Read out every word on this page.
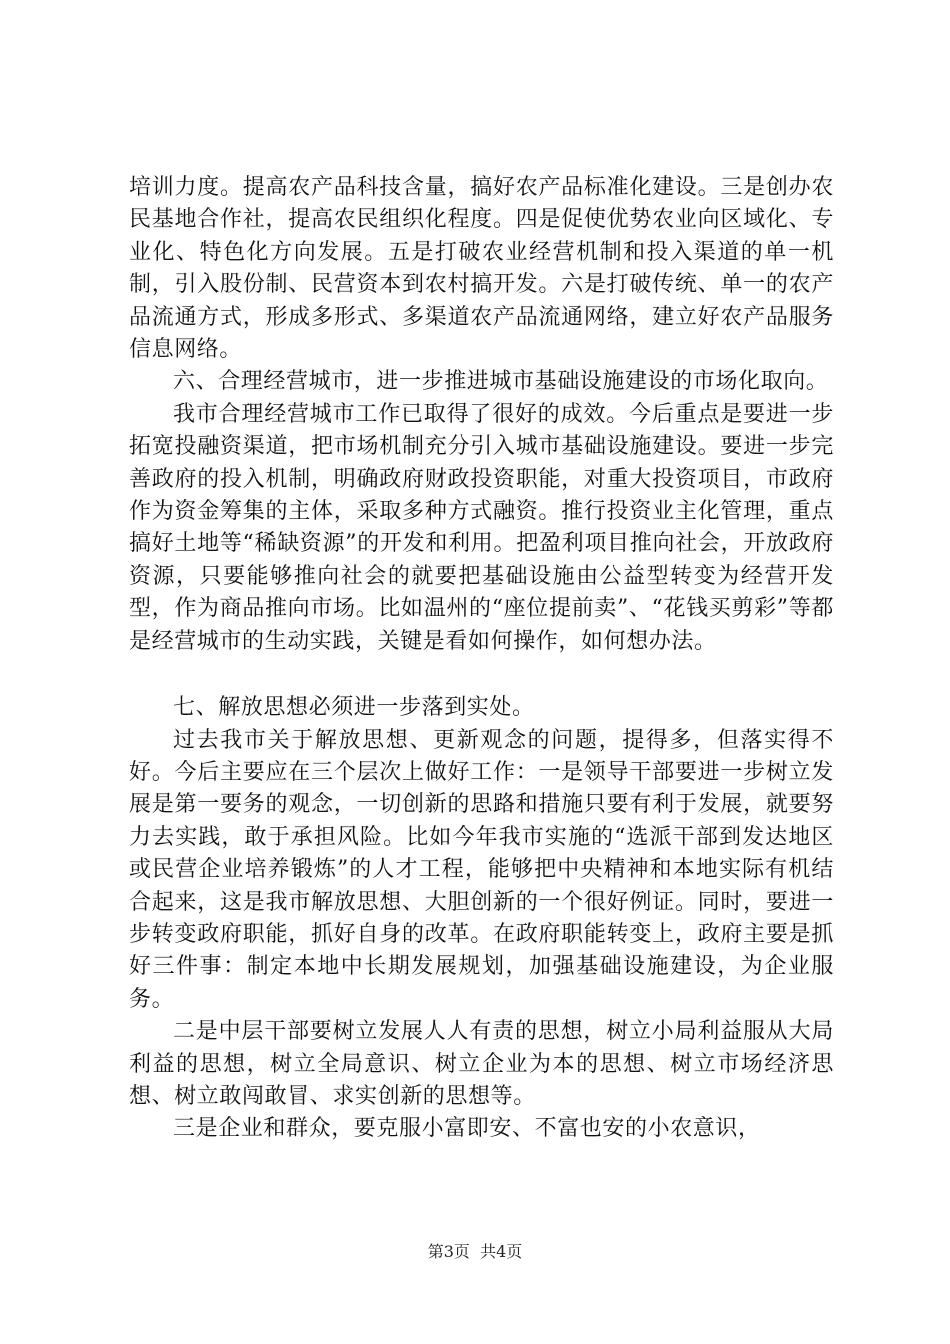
培训力度。提高农产品科技含量，搞好农产品标准化建设。三是创办农民基地合作社，提高农民组织化程度。四是促使优势农业向区域化、专业化、特色化方向发展。五是打破农业经营机制和投入渠道的单一机制，引入股份制、民营资本到农村搞开发。六是打破传统、单一的农产品流通方式，形成多形式、多渠道农产品流通网络，建立好农产品服务信息网络。

六、合理经营城市，进一步推进城市基础设施建设的市场化取向。

我市合理经营城市工作已取得了很好的成效。今后重点是要进一步拓宽投融资渠道，把市场机制充分引入城市基础设施建设。要进一步完善政府的投入机制，明确政府财政投资职能，对重大投资项目，市政府作为资金筹集的主体，采取多种方式融资。推行投资业主化管理，重点搞好土地等“稀缺资源”的开发和利用。把盈利项目推向社会，开放政府资源，只要能够推向社会的就要把基础设施由公益型转变为经营开发型，作为商品推向市场。比如温州的“座位提前卖”、“花钱买剪彩”等都是经营城市的生动实践，关键是看如何操作，如何想办法。

七、解放思想必须进一步落到实处。

过去我市关于解放思想、更新观念的问题，提得多，但落实得不好。今后主要应在三个层次上做好工作：一是领导干部要进一步树立发展是第一要务的观念，一切创新的思路和措施只要有利于发展，就要努力去实践，敢于承担风险。比如今年我市实施的“选派干部到发达地区或民营企业培养锻炼”的人才工程，能够把中央精神和本地实际有机结合起来，这是我市解放思想、大胆创新的一个很好例证。同时，要进一步转变政府职能，抓好自身的改革。在政府职能转变上，政府主要是抓好三件事：制定本地中长期发展规划，加强基础设施建设，为企业服务。

二是中层干部要树立发展人人有责的思想，树立小局利益服从大局利益的思想，树立全局意识、树立企业为本的思想、树立市场经济思想、树立敢闯敢冒、求实创新的思想等。

三是企业和群众，要克服小富即安、不富也安的小农意识，

第3页  共4页
